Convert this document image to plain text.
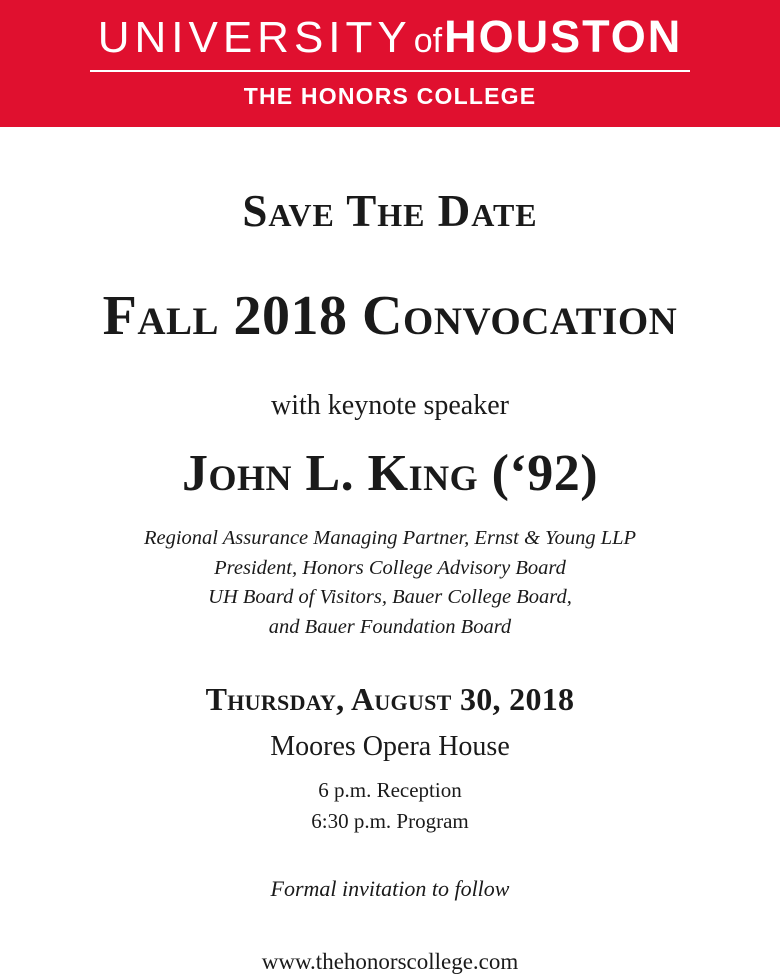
UNIVERSITYofHOUSTON
THE HONORS COLLEGE
Save The Date
Fall 2018 Convocation
with keynote speaker
John L. King (‘92)
Regional Assurance Managing Partner, Ernst & Young LLP
President, Honors College Advisory Board
UH Board of Visitors, Bauer College Board,
and Bauer Foundation Board
Thursday, August 30, 2018
Moores Opera House
6 p.m. Reception
6:30 p.m. Program
Formal invitation to follow
www.thehonorscollege.com
